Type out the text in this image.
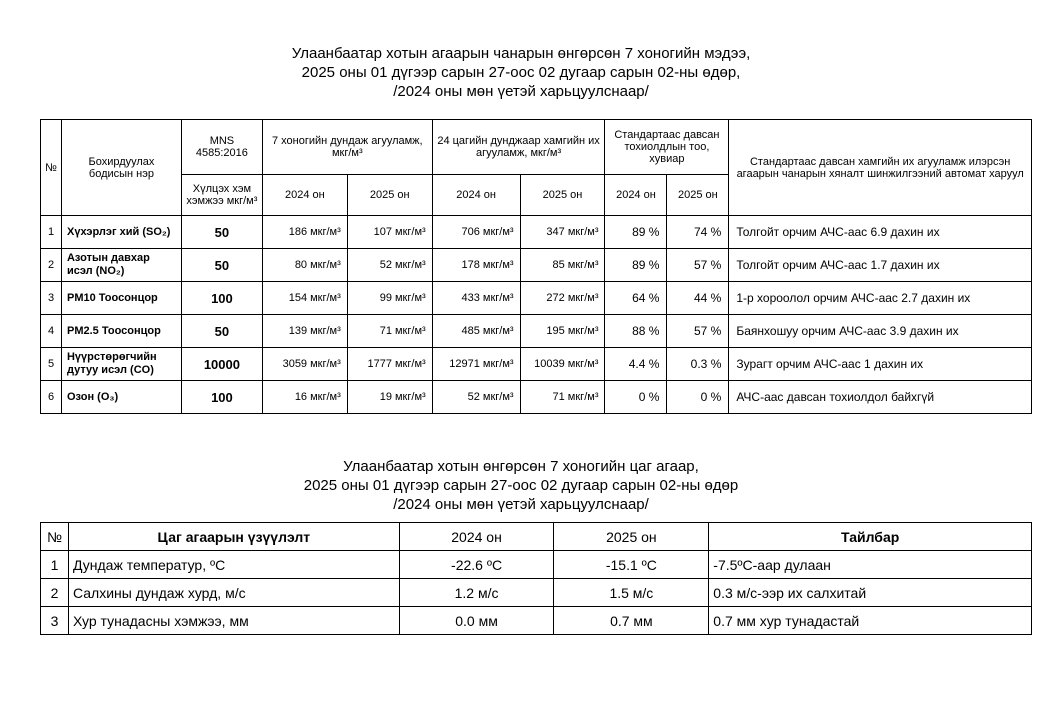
Улаанбаатар хотын агаарын чанарын өнгөрсөн 7 хоногийн мэдээ,
2025 оны 01 дүгээр сарын 27-оос 02 дугаар сарын 02-ны өдөр,
/2024 оны мөн үетэй харьцуулснаар/
№	Бохирдуулах бодисын нэр	MNS 4585:2016	7 хоногийн дундаж агууламж, мкг/м³		24 цагийн дунджаар хамгийн их агууламж, мкг/м³		Стандартаас давсан тохиолдлын тоо, хувиар		Стандартаас давсан хамгийн их агууламж илэрсэн агаарын чанарын хяналт шинжилгээний автомат харуул
		Хүлцэх хэм хэмжээ мкг/м³	2024 он	2025 он	2024 он	2025 он	2024 он	2025 он	
1	Хүхэрлэг хий (SO₂)	50	186 мкг/м³	107 мкг/м³	706 мкг/м³	347 мкг/м³	89 %	74 %	Толгойт орчим АЧС-аас 6.9 дахин их
2	Азотын давхар исэл (NO₂)	50	80 мкг/м³	52 мкг/м³	178 мкг/м³	85 мкг/м³	89 %	57 %	Толгойт орчим АЧС-аас 1.7 дахин их
3	PM10 Тоосонцор	100	154 мкг/м³	99 мкг/м³	433 мкг/м³	272 мкг/м³	64 %	44 %	1-р хороолол орчим АЧС-аас 2.7 дахин их
4	PM2.5 Тоосонцор	50	139 мкг/м³	71 мкг/м³	485 мкг/м³	195 мкг/м³	88 %	57 %	Баянхошуу орчим АЧС-аас 3.9 дахин их
5	Нүүрстөрөгчийн дутуу исэл (CO)	10000	3059 мкг/м³	1777 мкг/м³	12971 мкг/м³	10039 мкг/м³	4.4 %	0.3 %	Зурагт орчим АЧС-аас 1 дахин их
6	Озон (O₃)	100	16 мкг/м³	19 мкг/м³	52 мкг/м³	71 мкг/м³	0 %	0 %	АЧС-аас давсан тохиолдол байхгүй
Улаанбаатар хотын өнгөрсөн 7 хоногийн цаг агаар,
2025 оны 01 дүгээр сарын 27-оос 02 дугаар сарын 02-ны өдөр
/2024 оны мөн үетэй харьцуулснаар/
№	Цаг агаарын үзүүлэлт	2024 он	2025 он	Тайлбар
1	Дундаж температур, ºC	-22.6 ºC	-15.1 ºC	-7.5ºC-аар дулаан
2	Салхины дундаж хурд, м/с	1.2 м/с	1.5 м/с	0.3 м/с-ээр их салхитай
3	Хур тунадасны хэмжээ, мм	0.0 мм	0.7 мм	0.7 мм хур тунадастай
